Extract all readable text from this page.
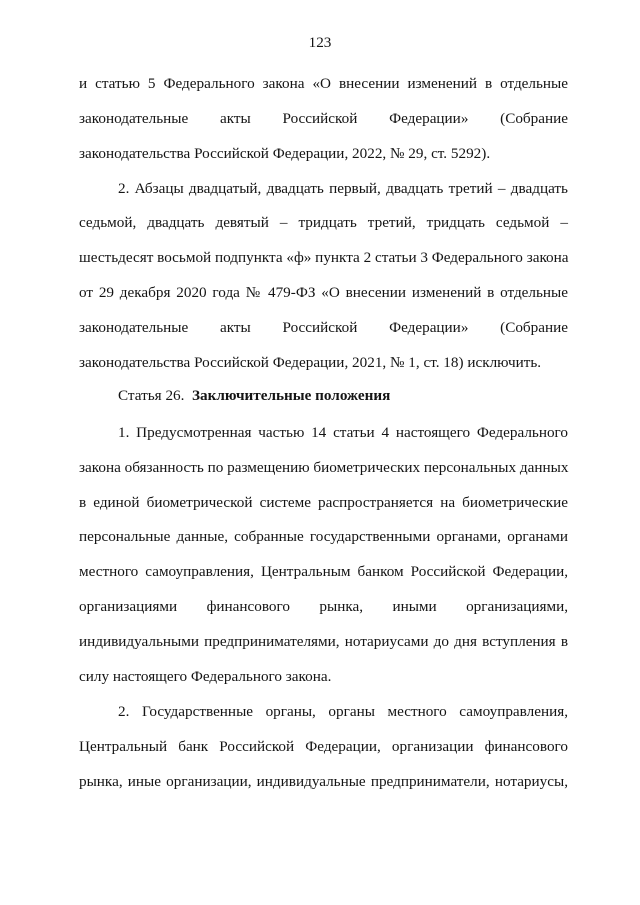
123
и статью 5 Федерального закона «О внесении изменений в отдельные
законодательные акты Российской Федерации» (Собрание
законодательства Российской Федерации, 2022, № 29, ст. 5292).
2. Абзацы двадцатый, двадцать первый, двадцать третий – двадцать
седьмой, двадцать девятый – тридцать третий, тридцать седьмой –
шестьдесят восьмой подпункта «ф» пункта 2 статьи 3 Федерального закона
от 29 декабря 2020 года № 479-ФЗ «О внесении изменений в отдельные
законодательные акты Российской Федерации» (Собрание
законодательства Российской Федерации, 2021, № 1, ст. 18) исключить.
Статья 26. Заключительные положения
1. Предусмотренная частью 14 статьи 4 настоящего Федерального
закона обязанность по размещению биометрических персональных данных
в единой биометрической системе распространяется на биометрические
персональные данные, собранные государственными органами, органами
местного самоуправления, Центральным банком Российской Федерации,
организациями финансового рынка, иными организациями,
индивидуальными предпринимателями, нотариусами до дня вступления в
силу настоящего Федерального закона.
2. Государственные органы, органы местного самоуправления,
Центральный банк Российской Федерации, организации финансового
рынка, иные организации, индивидуальные предприниматели, нотариусы,
